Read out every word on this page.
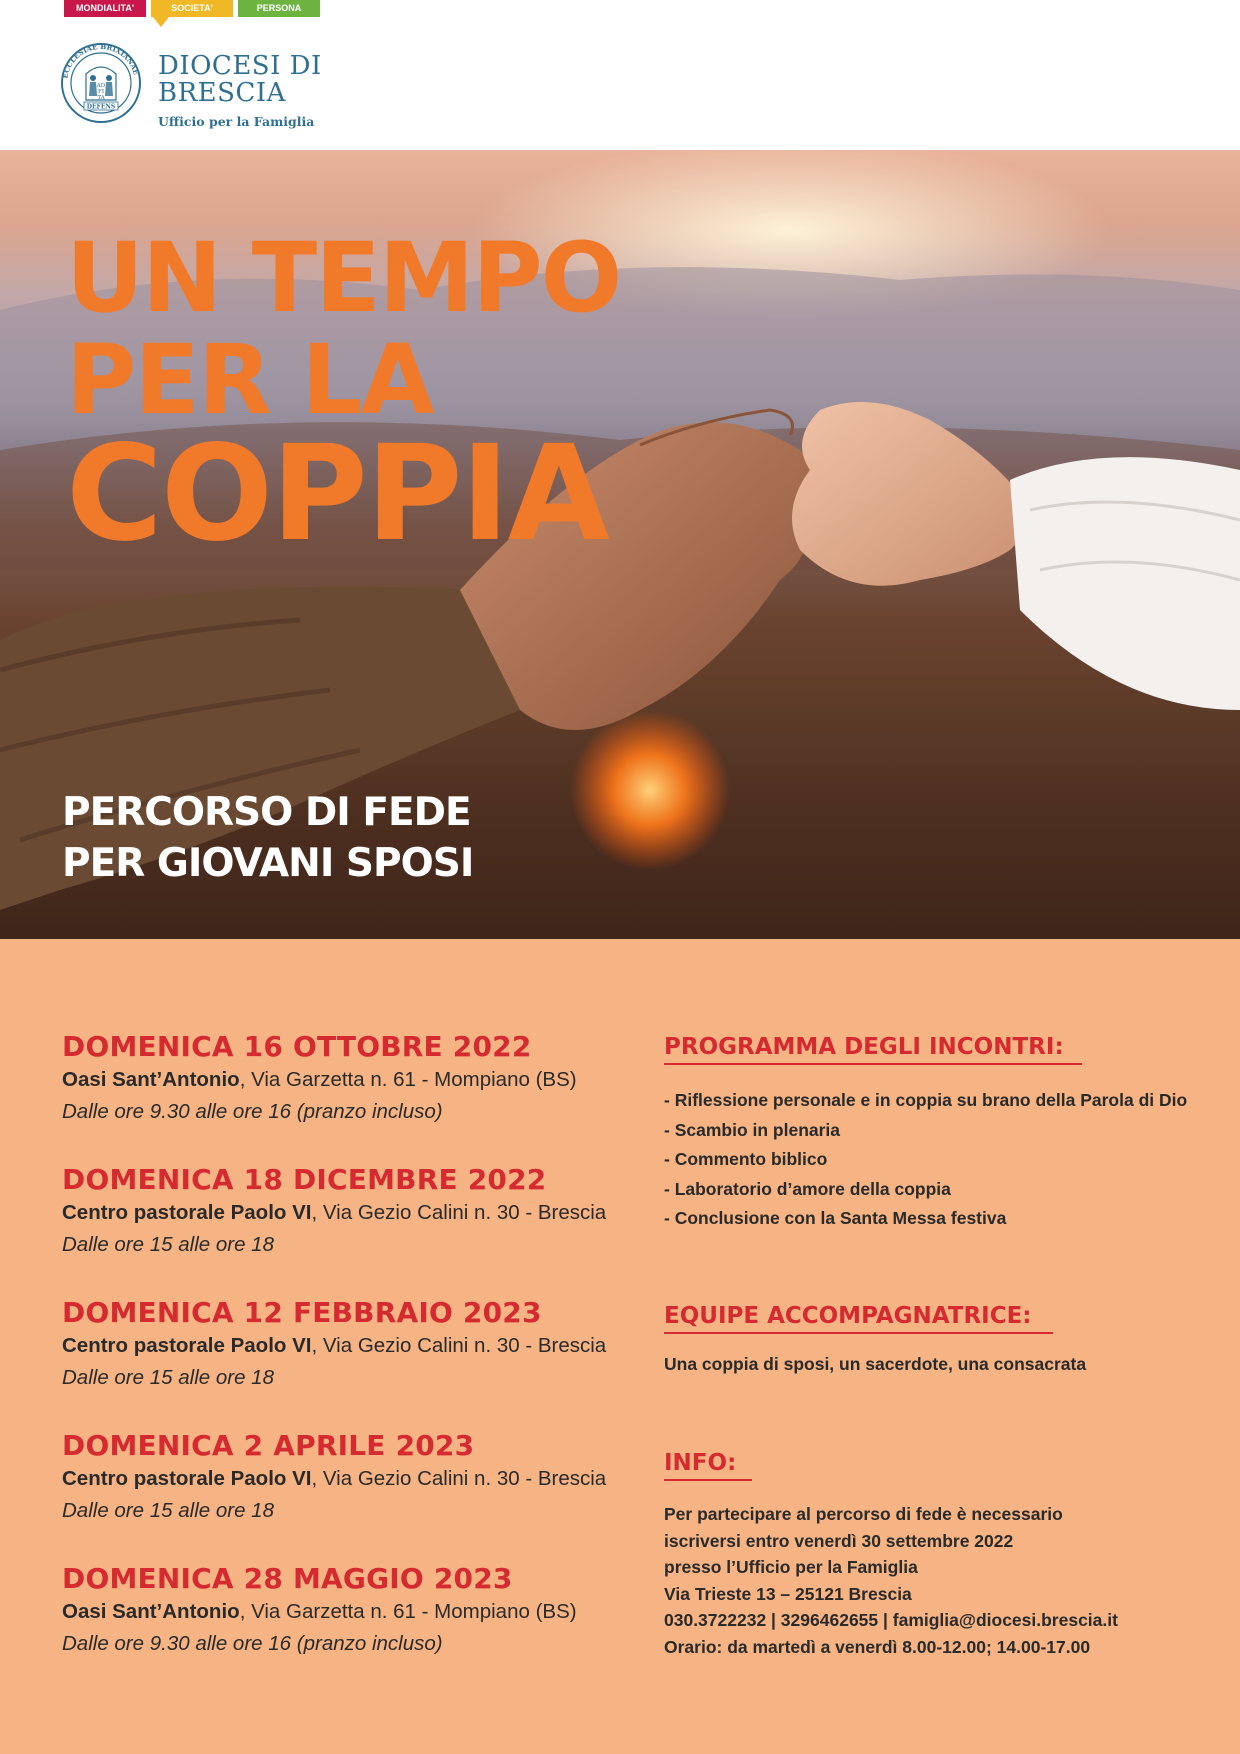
MONDIALITA'	SOCIETA'	PERSONA
ECCLESIAE BRIXIANAE
AD
FI
TA
DEFENS
DIOCESI DI
BRESCIA
Ufficio per la Famiglia
UN TEMPO
PER LA
COPPIA
PERCORSO DI FEDE
PER GIOVANI SPOSI
DOMENICA 16 OTTOBRE 2022
Oasi Sant’Antonio, Via Garzetta n. 61 - Mompiano (BS)
Dalle ore 9.30 alle ore 16 (pranzo incluso)
DOMENICA 18 DICEMBRE 2022
Centro pastorale Paolo VI, Via Gezio Calini n. 30 - Brescia
Dalle ore 15 alle ore 18
DOMENICA 12 FEBBRAIO 2023
Centro pastorale Paolo VI, Via Gezio Calini n. 30 - Brescia
Dalle ore 15 alle ore 18
DOMENICA 2 APRILE 2023
Centro pastorale Paolo VI, Via Gezio Calini n. 30 - Brescia
Dalle ore 15 alle ore 18
DOMENICA 28 MAGGIO 2023
Oasi Sant’Antonio, Via Garzetta n. 61 - Mompiano (BS)
Dalle ore 9.30 alle ore 16 (pranzo incluso)
PROGRAMMA DEGLI INCONTRI:
- Riflessione personale e in coppia su brano della Parola di Dio
- Scambio in plenaria
- Commento biblico
- Laboratorio d’amore della coppia
- Conclusione con la Santa Messa festiva
EQUIPE ACCOMPAGNATRICE:
Una coppia di sposi, un sacerdote, una consacrata
INFO:
Per partecipare al percorso di fede è necessario
iscriversi entro venerdì 30 settembre 2022
presso l’Ufficio per la Famiglia
Via Trieste 13 – 25121 Brescia
030.3722232 | 3296462655 | famiglia@diocesi.brescia.it
Orario: da martedì a venerdì 8.00-12.00; 14.00-17.00
